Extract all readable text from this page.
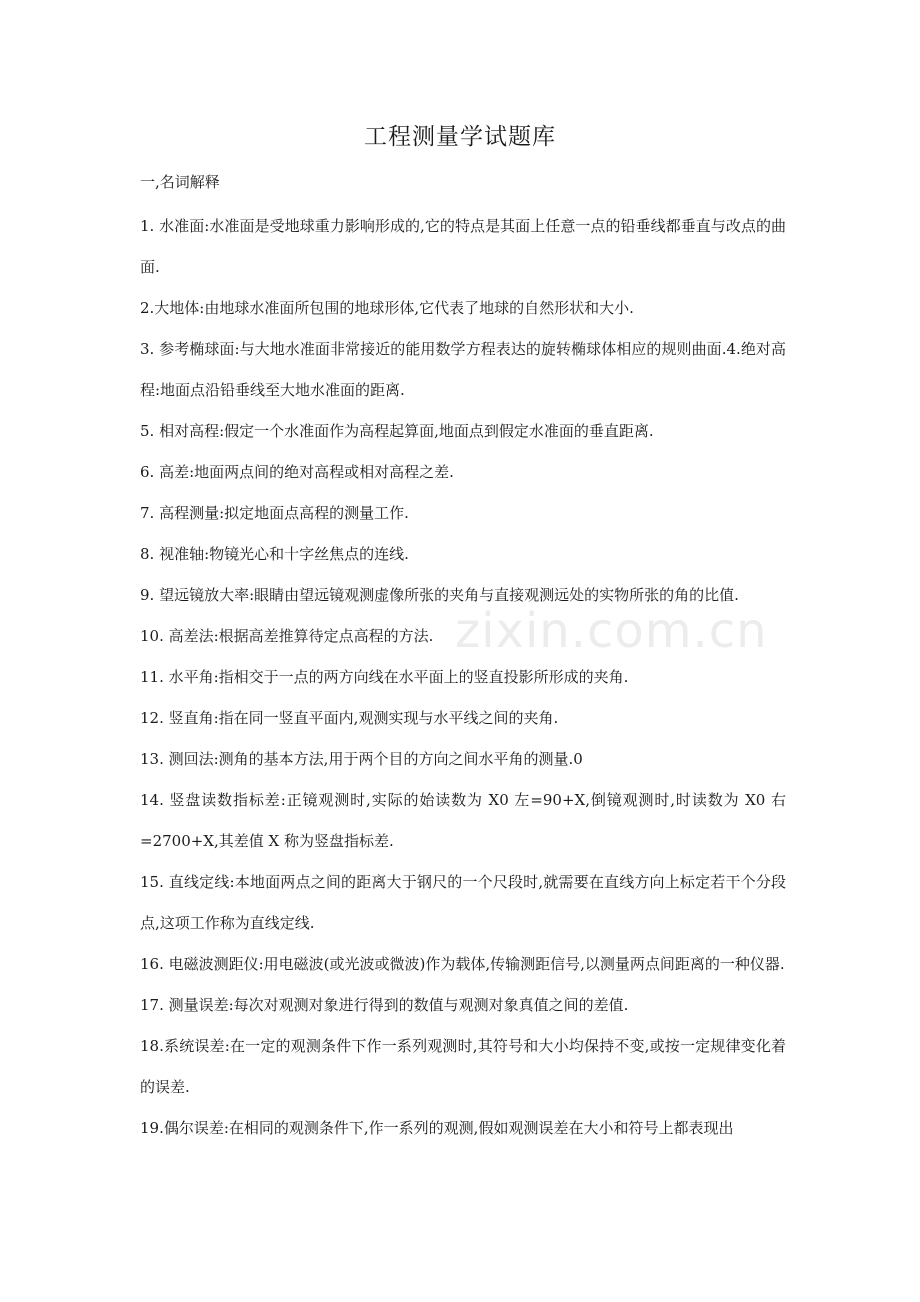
工程测量学试题库
一,名词解释

1. 水准面:水准面是受地球重力影响形成的,它的特点是其面上任意一点的铅垂线都垂直与改点的曲面.

2.大地体:由地球水准面所包围的地球形体,它代表了地球的自然形状和大小.

3. 参考椭球面:与大地水准面非常接近的能用数学方程表达的旋转椭球体相应的规则曲面.4.绝对高程:地面点沿铅垂线至大地水准面的距离.

5. 相对高程:假定一个水准面作为高程起算面,地面点到假定水准面的垂直距离.

6. 高差:地面两点间的绝对高程或相对高程之差.

7. 高程测量:拟定地面点高程的测量工作.

8. 视准轴:物镜光心和十字丝焦点的连线.

9. 望远镜放大率:眼睛由望远镜观测虚像所张的夹角与直接观测远处的实物所张的角的比值.

10. 高差法:根据高差推算待定点高程的方法.

11. 水平角:指相交于一点的两方向线在水平面上的竖直投影所形成的夹角.

12. 竖直角:指在同一竖直平面内,观测实现与水平线之间的夹角.

13. 测回法:测角的基本方法,用于两个目的方向之间水平角的测量.0

14. 竖盘读数指标差:正镜观测时,实际的始读数为 X0 左=90+X,倒镜观测时,时读数为 X0 右=2700+X,其差值 X 称为竖盘指标差.

15. 直线定线:本地面两点之间的距离大于钢尺的一个尺段时,就需要在直线方向上标定若干个分段点,这项工作称为直线定线.

16. 电磁波测距仪:用电磁波(或光波或微波)作为载体,传输测距信号,以测量两点间距离的一种仪器.

17. 测量误差:每次对观测对象进行得到的数值与观测对象真值之间的差值.

18.系统误差:在一定的观测条件下作一系列观测时,其符号和大小均保持不变,或按一定规律变化着的误差.

19.偶尔误差:在相同的观测条件下,作一系列的观测,假如观测误差在大小和符号上都表现出

zixin.com.cn
